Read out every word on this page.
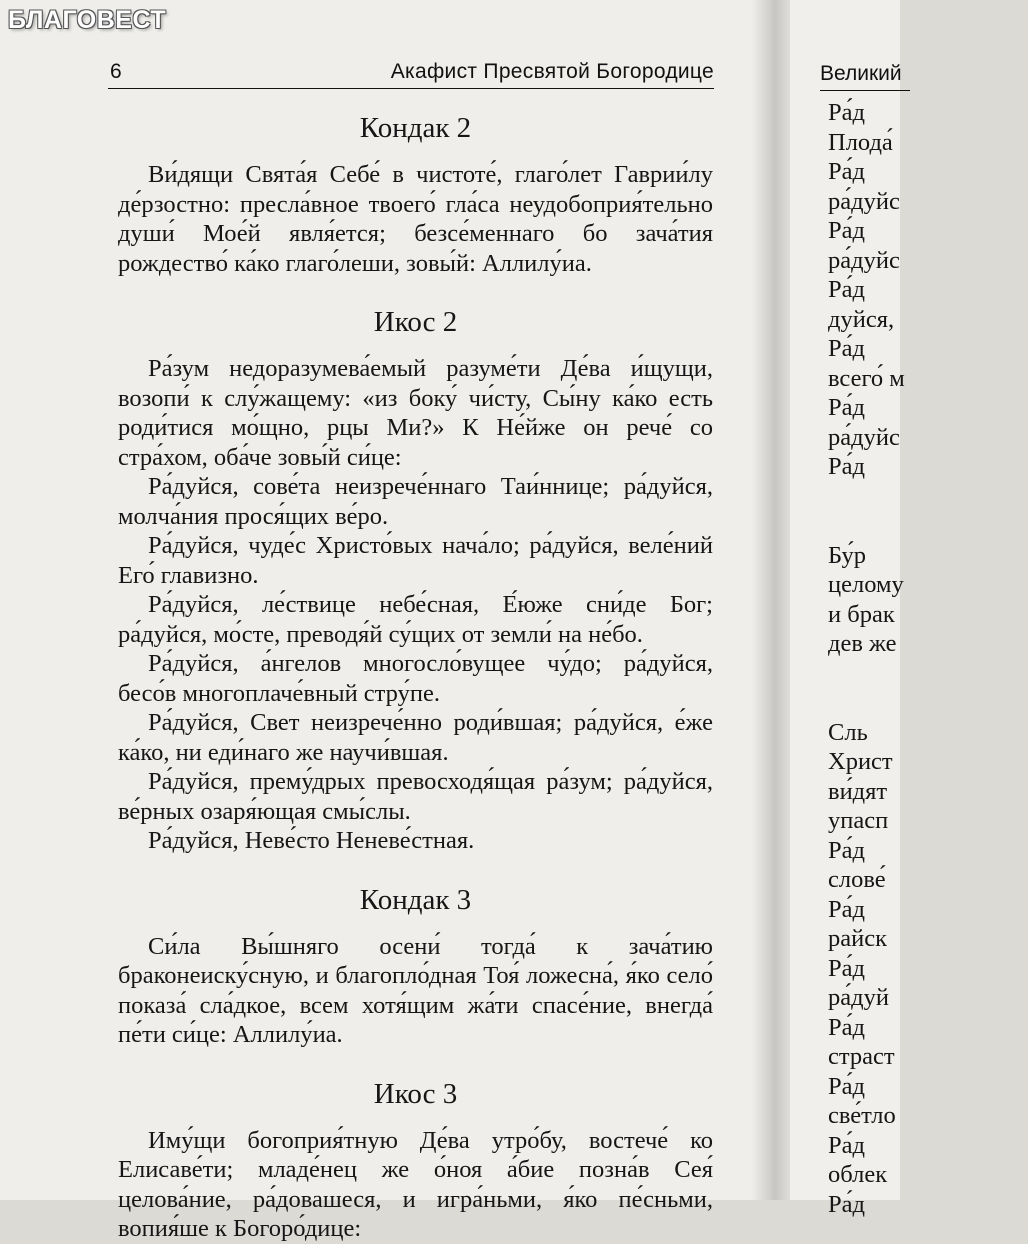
6	Акафист Пресвятой Богородице
Кондак 2

Ви́дящи Свята́я Себе́ в чистоте́, глаго́лет Гаврии́лу де́рзостно: пресла́вное твоего́ гла́са неудобоприя́тельно души́ Мое́й явля́ется; безсе́меннаго бо зача́тия рождество́ ка́ко глаго́леши, зовы́й: Аллилу́иа.

Икос 2

Ра́зум недоразумева́емый разуме́ти Де́ва и́щущи, возопи́ к слу́жащему: «из боку́ чи́сту, Сы́ну ка́ко есть роди́тися мо́щно, рцы Ми?» К Не́йже он рече́ со стра́хом, оба́че зовы́й си́це:

Ра́дуйся, сове́та неизрече́ннаго Таи́ннице; ра́дуйся, молча́ния прося́щих ве́ро.

Ра́дуйся, чуде́с Христо́вых нача́ло; ра́дуйся, веле́ний Его́ главизно.

Ра́дуйся, ле́ствице небе́сная, Е́юже сни́де Бог; ра́дуйся, мо́сте, преводя́й су́щих от земли́ на не́бо.

Ра́дуйся, а́нгелов многосло́вущее чу́до; ра́дуйся, бесо́в многоплаче́вный стру́пе.

Ра́дуйся, Свет неизрече́нно роди́вшая; ра́дуйся, е́же ка́ко, ни еди́наго же научи́вшая.

Ра́дуйся, прему́дрых превосходя́щая ра́зум; ра́дуйся, ве́рных озаря́ющая смы́слы.

Ра́дуйся, Неве́сто Неневе́стная.

Кондак 3

Си́ла Вы́шняго осени́ тогда́ к зача́тию браконеиску́сную, и благопло́дная Тоя́ ложесна́, я́ко село́ показа́ сла́дкое, всем хотя́щим жа́ти спасе́ние, внегда́ пе́ти си́це: Аллилу́иа.

Икос 3

Иму́щи богоприя́тную Де́ва утро́бу, востече́ ко Елисаве́ти; младе́нец же о́ноя а́бие позна́в Сея́ целова́ние, ра́довашеся, и игра́ньми, я́ко пе́сньми, вопия́ше к Богоро́дице:

Великий
Ра́д
Плода́
Ра́д
ра́дуйс
Ра́д
ра́дуйс
Ра́д
дуйся,
Ра́д
всего́ м
Ра́д
ра́дуйс
Ра́д

Бу́р
целому
и брак
дев же

Сль
Христ
ви́дят
упасп
Ра́д
слове́
Ра́д
райск
Ра́д
ра́дуй
Ра́д
страст
Ра́д
све́тло
Ра́д
облек
Ра́д
БЛАГОВЕСТ
